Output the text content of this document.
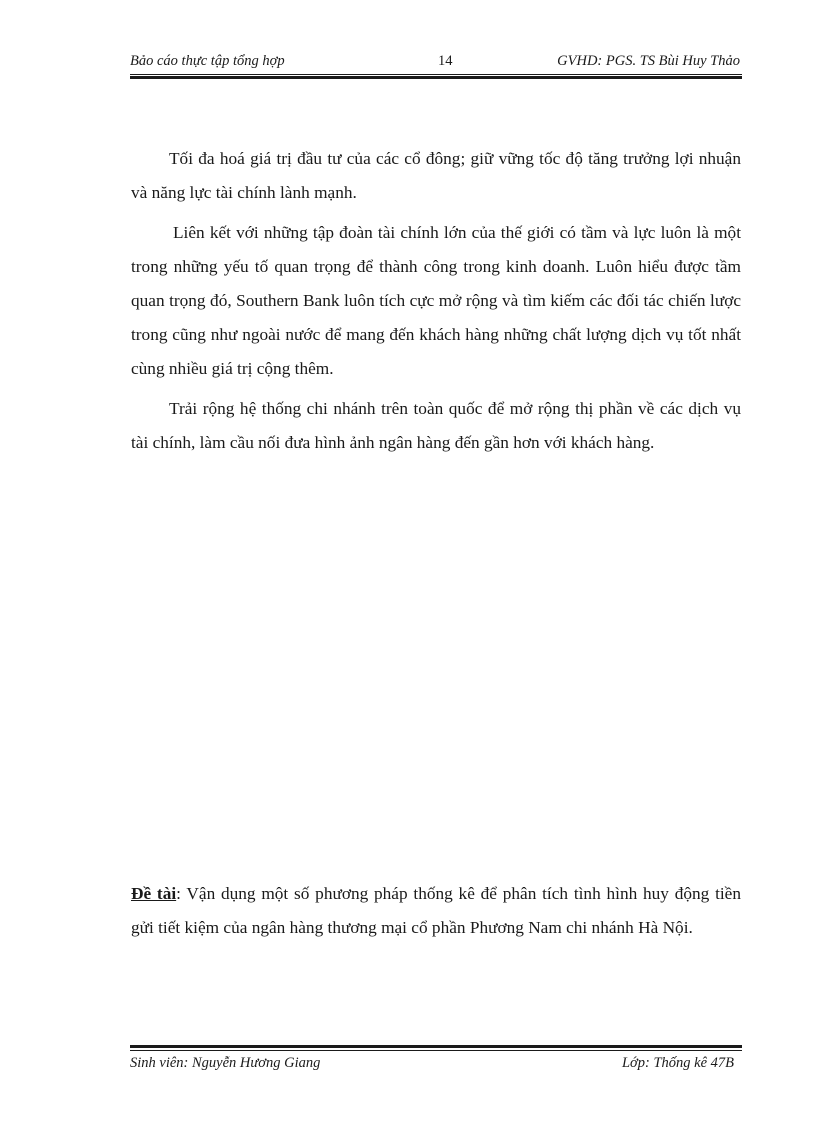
Bảo cáo thực tập tổng hợp	14	GVHD: PGS. TS Bùi Huy Thảo

Tối đa hoá giá trị đầu tư của các cổ đông; giữ vững tốc độ tăng trưởng lợi nhuận và năng lực tài chính lành mạnh.

Liên kết với những tập đoàn tài chính lớn của thế giới có tầm và lực luôn là một trong những yếu tố quan trọng để thành công trong kinh doanh. Luôn hiểu được tầm quan trọng đó, Southern Bank luôn tích cực mở rộng và tìm kiếm các đối tác chiến lược trong cũng như ngoài nước để mang đến khách hàng những chất lượng dịch vụ tốt nhất cùng nhiều giá trị cộng thêm.

Trải rộng hệ thống chi nhánh trên toàn quốc để mở rộng thị phần về các dịch vụ tài chính, làm cầu nối đưa hình ảnh ngân hàng đến gần hơn với khách hàng.

Đề tài: Vận dụng một số phương pháp thống kê để phân tích tình hình huy động tiền gửi tiết kiệm của ngân hàng thương mại cổ phần Phương Nam chi nhánh Hà Nội.

Sinh viên: Nguyễn Hương Giang	Lớp: Thống kê 47B
